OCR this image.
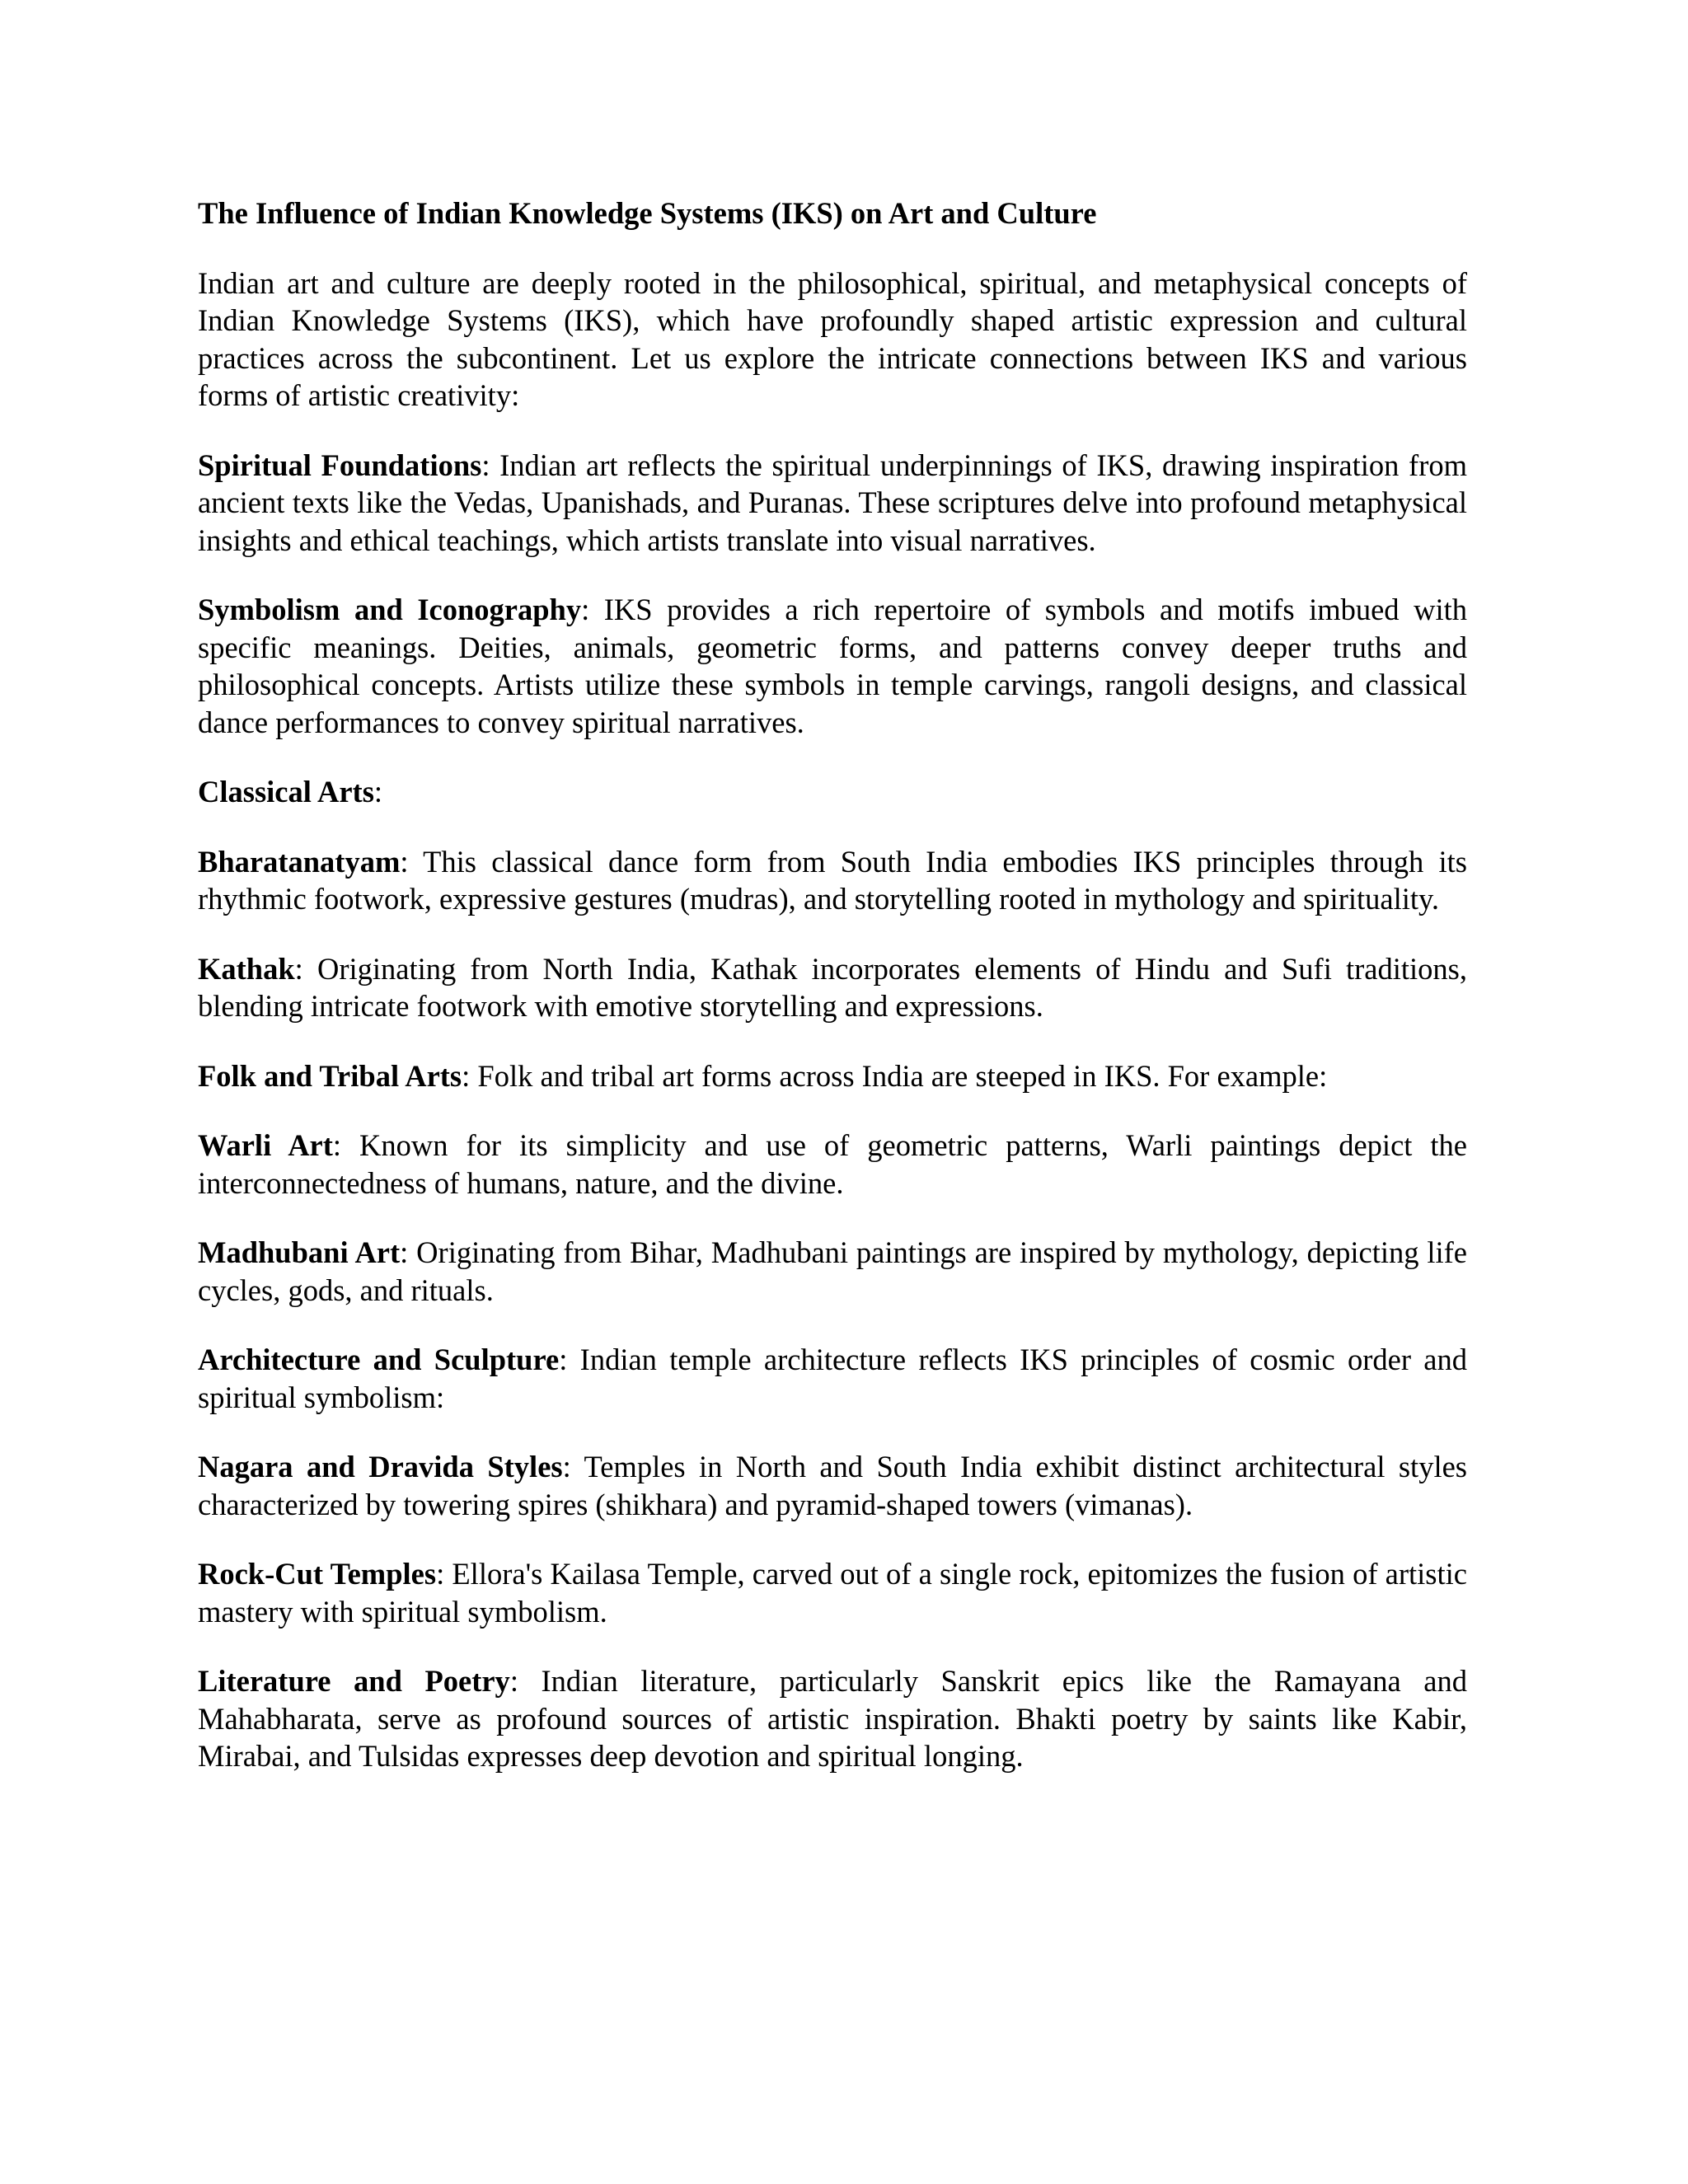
The Influence of Indian Knowledge Systems (IKS) on Art and Culture

Indian art and culture are deeply rooted in the philosophical, spiritual, and metaphysical concepts of Indian Knowledge Systems (IKS), which have profoundly shaped artistic expression and cultural practices across the subcontinent. Let us explore the intricate connections between IKS and various forms of artistic creativity:

Spiritual Foundations: Indian art reflects the spiritual underpinnings of IKS, drawing inspiration from ancient texts like the Vedas, Upanishads, and Puranas. These scriptures delve into profound metaphysical insights and ethical teachings, which artists translate into visual narratives.

Symbolism and Iconography: IKS provides a rich repertoire of symbols and motifs imbued with specific meanings. Deities, animals, geometric forms, and patterns convey deeper truths and philosophical concepts. Artists utilize these symbols in temple carvings, rangoli designs, and classical dance performances to convey spiritual narratives.

Classical Arts:

Bharatanatyam: This classical dance form from South India embodies IKS principles through its rhythmic footwork, expressive gestures (mudras), and storytelling rooted in mythology and spirituality.

Kathak: Originating from North India, Kathak incorporates elements of Hindu and Sufi traditions, blending intricate footwork with emotive storytelling and expressions.

Folk and Tribal Arts: Folk and tribal art forms across India are steeped in IKS. For example:

Warli Art: Known for its simplicity and use of geometric patterns, Warli paintings depict the interconnectedness of humans, nature, and the divine.

Madhubani Art: Originating from Bihar, Madhubani paintings are inspired by mythology, depicting life cycles, gods, and rituals.

Architecture and Sculpture: Indian temple architecture reflects IKS principles of cosmic order and spiritual symbolism:

Nagara and Dravida Styles: Temples in North and South India exhibit distinct architectural styles characterized by towering spires (shikhara) and pyramid-shaped towers (vimanas).

Rock-Cut Temples: Ellora's Kailasa Temple, carved out of a single rock, epitomizes the fusion of artistic mastery with spiritual symbolism.

Literature and Poetry: Indian literature, particularly Sanskrit epics like the Ramayana and Mahabharata, serve as profound sources of artistic inspiration. Bhakti poetry by saints like Kabir, Mirabai, and Tulsidas expresses deep devotion and spiritual longing.
